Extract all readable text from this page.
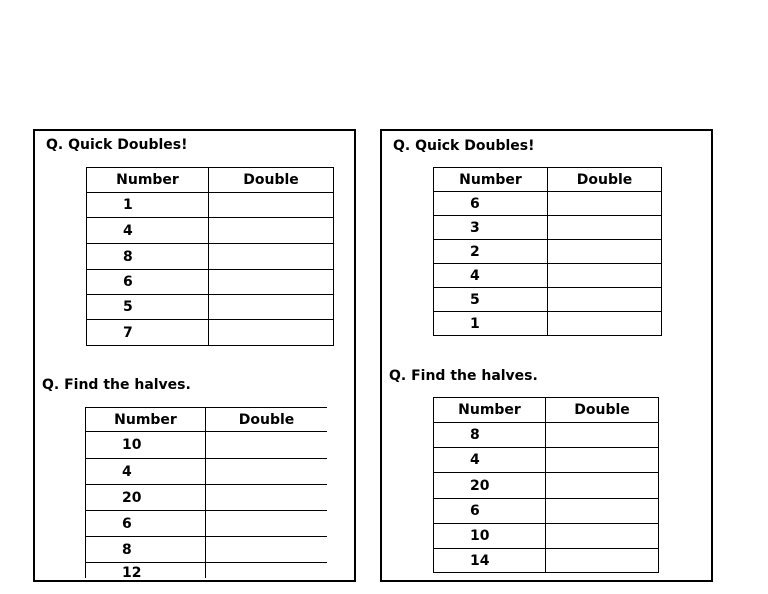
Q. Quick Doubles!
Number	Double
1	
4	
8	
6	
5	
7	
Q. Find the halves.
Number	Double
10	
4	
20	
6	
8	
12	
Q. Quick Doubles!
Number	Double
6	
3	
2	
4	
5	
1	
Q. Find the halves.
Number	Double
8	
4	
20	
6	
10	
14	
